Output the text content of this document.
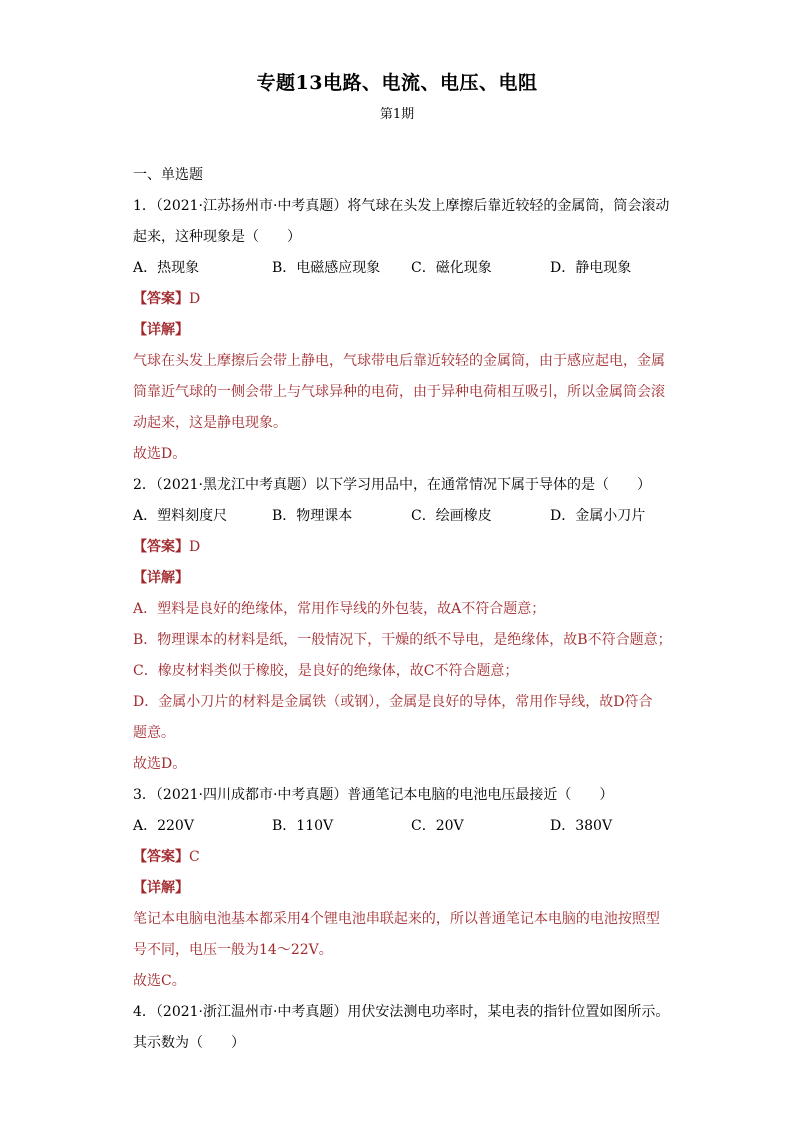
专题13电路、电流、电压、电阻
第1期
一、单选题
1．（2021·江苏扬州市·中考真题）将气球在头发上摩擦后靠近较轻的金属筒，筒会滚动
起来，这种现象是（　　）
A．热现象	B．电磁感应现象	C．磁化现象	D．静电现象
【答案】D
【详解】
气球在头发上摩擦后会带上静电，气球带电后靠近较轻的金属筒，由于感应起电，金属
筒靠近气球的一侧会带上与气球异种的电荷，由于异种电荷相互吸引，所以金属筒会滚
动起来，这是静电现象。
故选D。
2．（2021·黑龙江中考真题）以下学习用品中，在通常情况下属于导体的是（　　）
A．塑料刻度尺	B．物理课本	C．绘画橡皮	D．金属小刀片
【答案】D
【详解】
A．塑料是良好的绝缘体，常用作导线的外包装，故A不符合题意；
B．物理课本的材料是纸，一般情况下，干燥的纸不导电，是绝缘体，故B不符合题意；
C．橡皮材料类似于橡胶，是良好的绝缘体，故C不符合题意；
D．金属小刀片的材料是金属铁（或钢），金属是良好的导体，常用作导线，故D符合
题意。
故选D。
3．（2021·四川成都市·中考真题）普通笔记本电脑的电池电压最接近（　　）
A．220V	B．110V	C．20V	D．380V
【答案】C
【详解】
笔记本电脑电池基本都采用4个锂电池串联起来的，所以普通笔记本电脑的电池按照型
号不同，电压一般为14～22V。
故选C。
4．（2021·浙江温州市·中考真题）用伏安法测电功率时，某电表的指针位置如图所示。
其示数为（　　）
